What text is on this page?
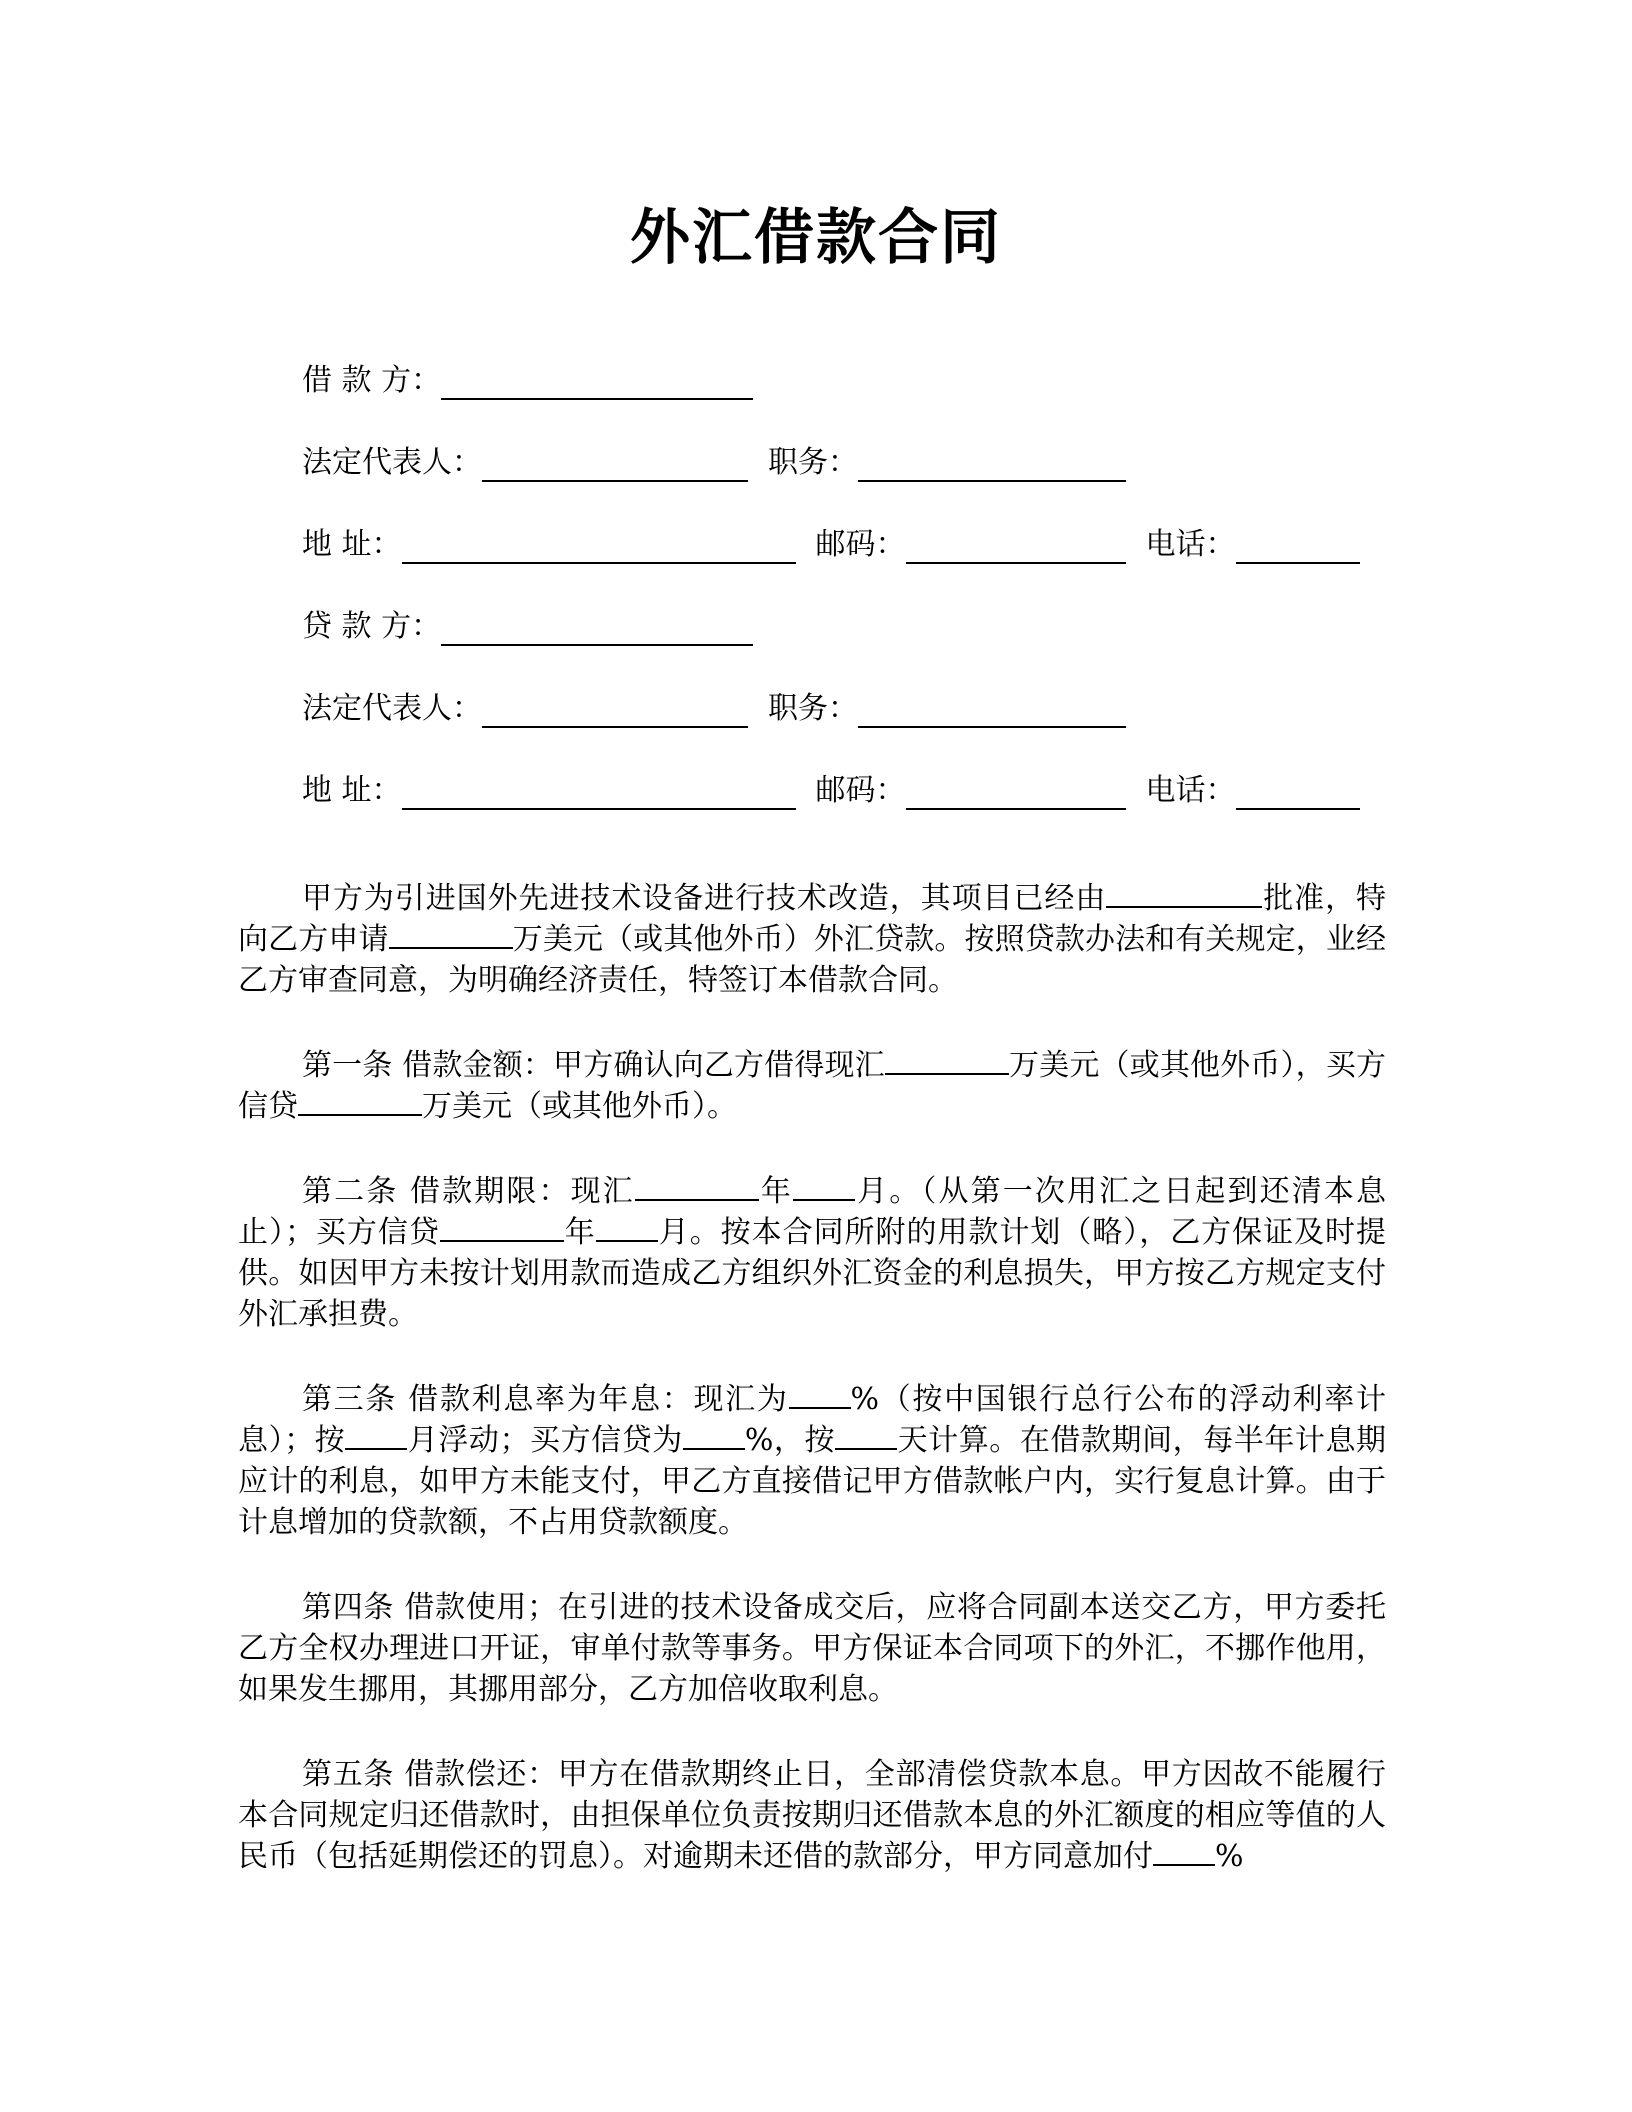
外汇借款合同
借 款 方：
法定代表人：	职务：
地 址：	邮码：	电话：
贷 款 方：
法定代表人：	职务：
地 址：	邮码：	电话：

甲方为引进国外先进技术设备进行技术改造，其项目已经由	批准，特向乙方申请	万美元（或其他外币）外汇贷款。按照贷款办法和有关规定，业经乙方审查同意，为明确经济责任，特签订本借款合同。

第一条 借款金额：甲方确认向乙方借得现汇	万美元（或其他外币），买方信贷	万美元（或其他外币）。

第二条 借款期限：现汇	年 月。（从第一次用汇之日起到还清本息止）；买方信贷	年 月。按本合同所附的用款计划（略），乙方保证及时提供。如因甲方未按计划用款而造成乙方组织外汇资金的利息损失，甲方按乙方规定支付外汇承担费。

第三条 借款利息率为年息：现汇为 %（按中国银行总行公布的浮动利率计息）；按 月浮动；买方信贷为 %，按 天计算。在借款期间，每半年计息期应计的利息，如甲方未能支付，甲乙方直接借记甲方借款帐户内，实行复息计算。由于计息增加的贷款额，不占用贷款额度。

第四条 借款使用；在引进的技术设备成交后，应将合同副本送交乙方，甲方委托乙方全权办理进口开证，审单付款等事务。甲方保证本合同项下的外汇，不挪作他用，如果发生挪用，其挪用部分，乙方加倍收取利息。

第五条 借款偿还：甲方在借款期终止日，全部清偿贷款本息。甲方因故不能履行本合同规定归还借款时，由担保单位负责按期归还借款本息的外汇额度的相应等值的人民币（包括延期偿还的罚息）。对逾期未还借的款部分，甲方同意加付 %
